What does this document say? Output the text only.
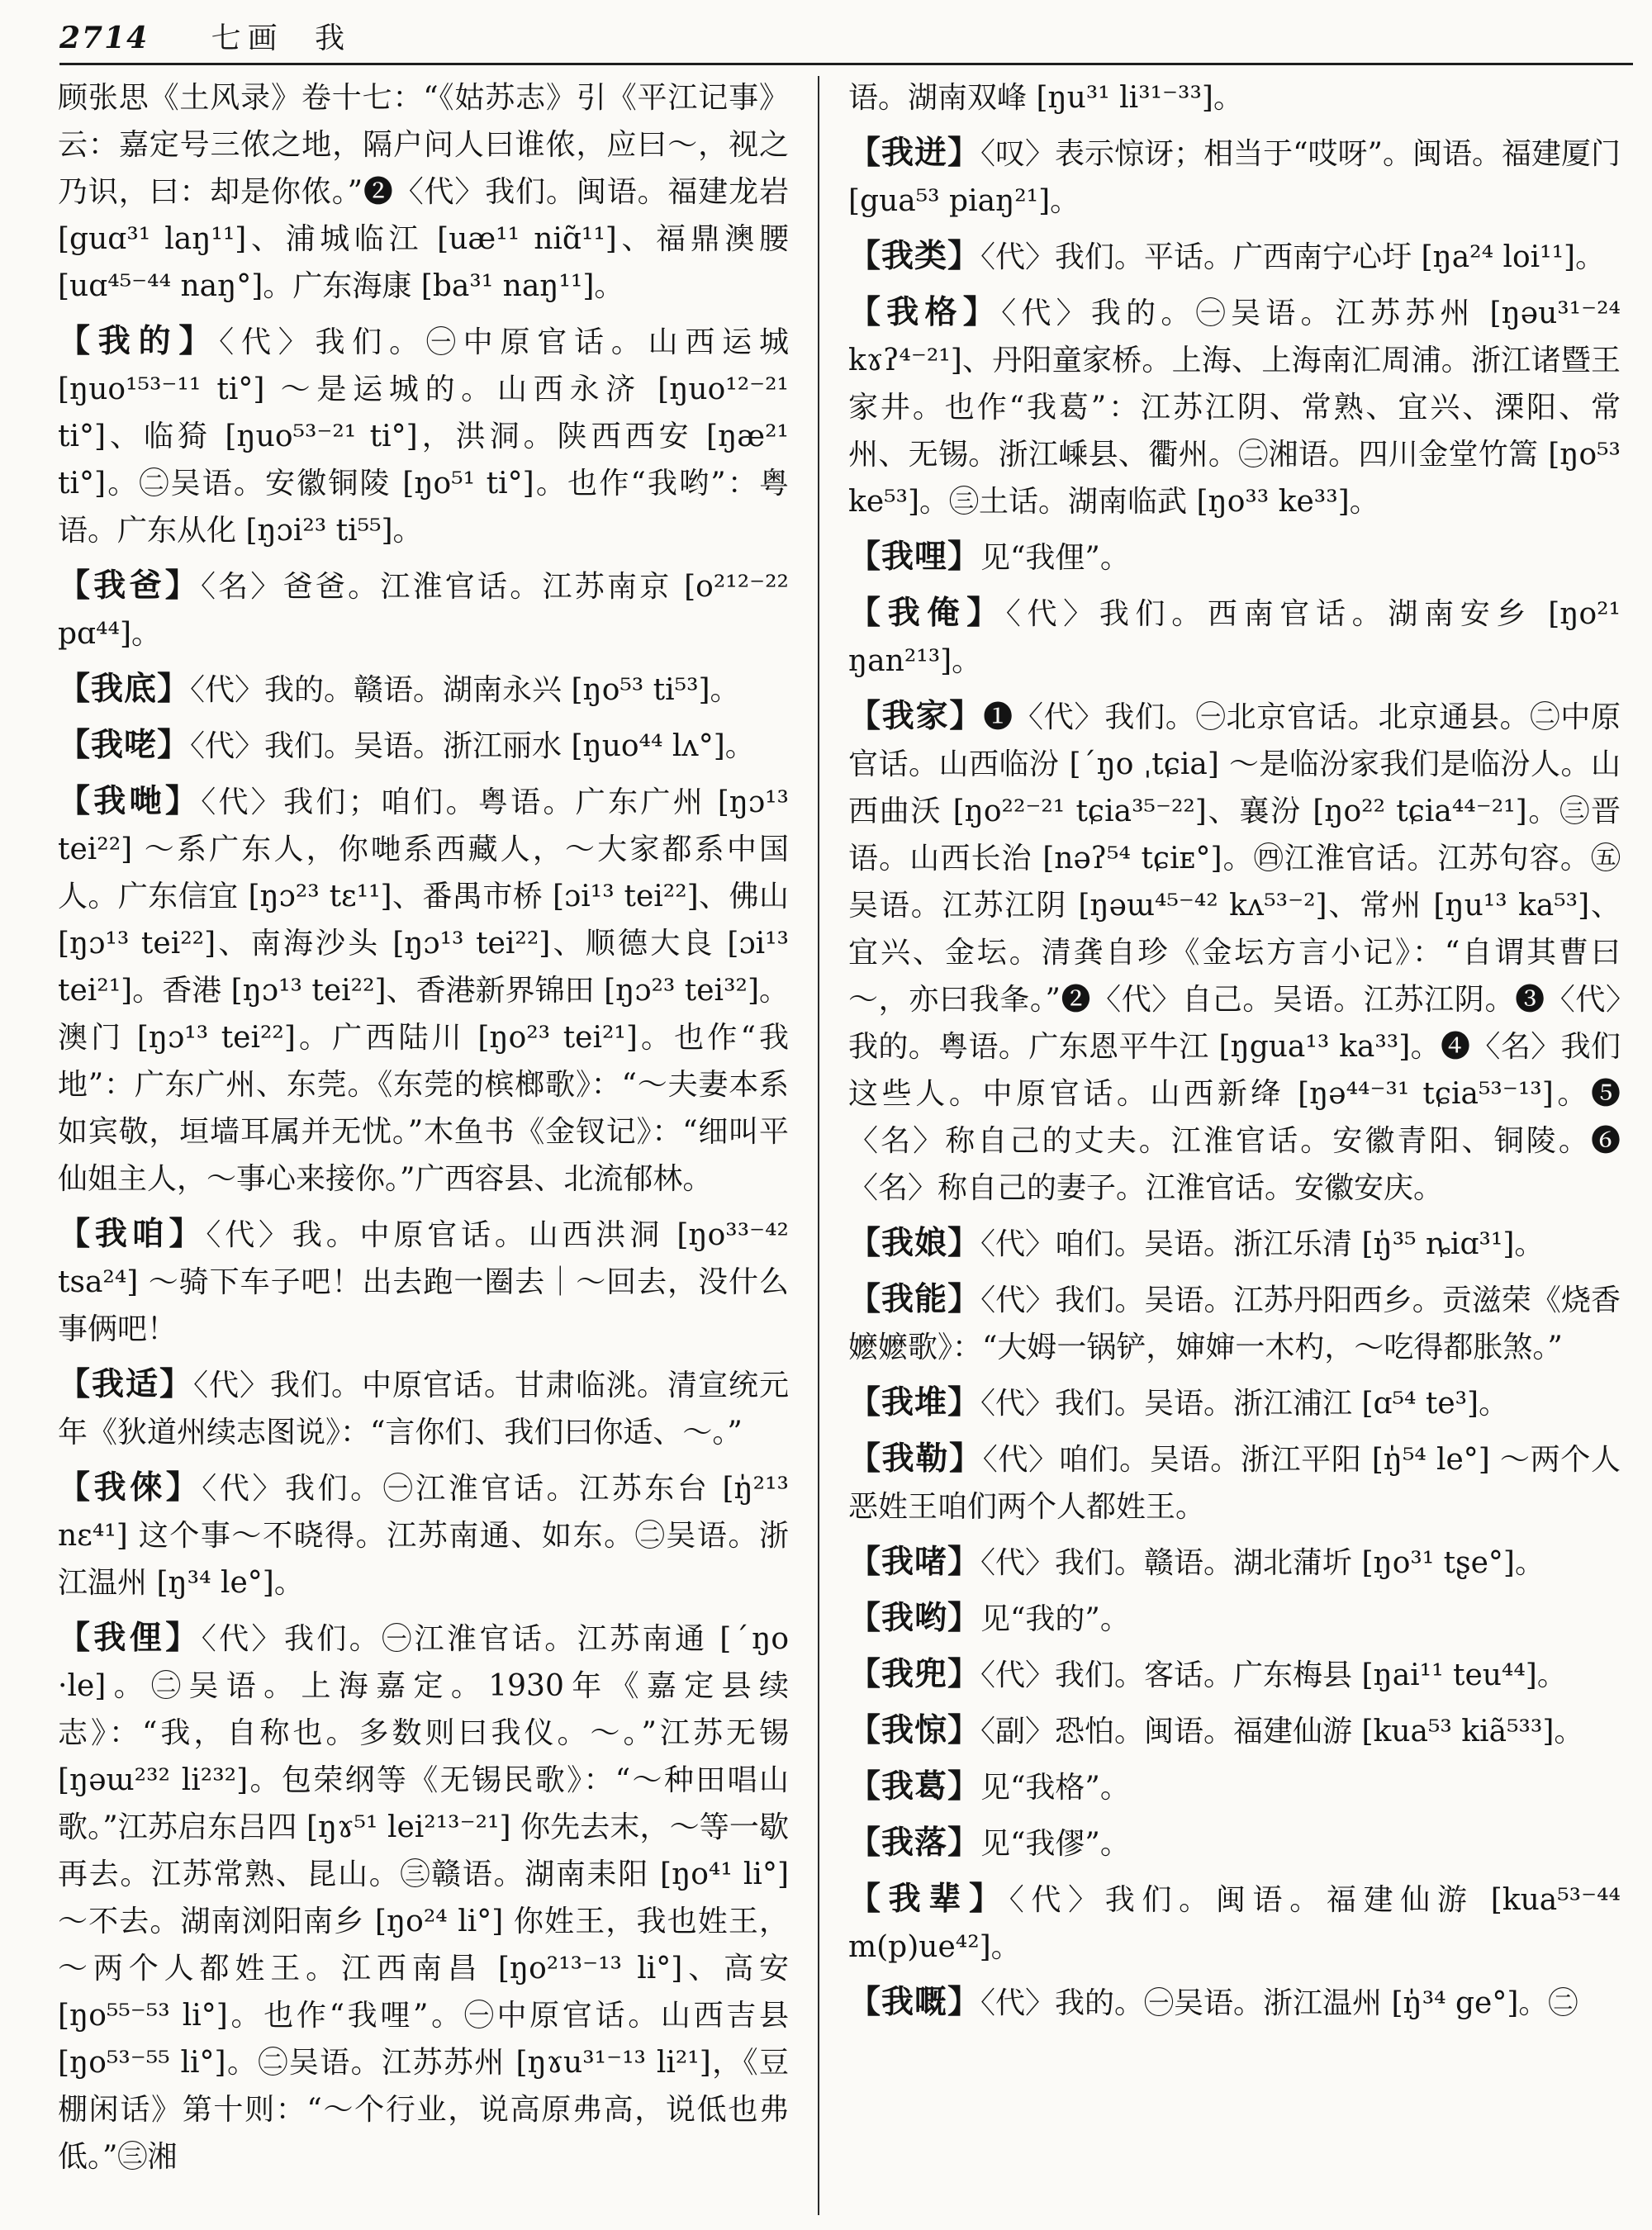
2714 七画 我

顾张思《土风录》卷十七：“《姑苏志》引《平江记事》云：嘉定号三侬之地，隔户问人曰谁侬，应曰～，视之乃识，曰：却是你侬。”❷〈代〉我们。闽语。福建龙岩 [guɑ³¹ laŋ¹¹]、浦城临江 [uæ¹¹ niɑ̃¹¹]、福鼎澳腰 [uɑ⁴⁵⁻⁴⁴ naŋ°]。广东海康 [ba³¹ naŋ¹¹]。

【我的】〈代〉我们。㊀中原官话。山西运城 [ŋuo¹⁵³⁻¹¹ ti°] ～是运城的。山西永济 [ŋuo¹²⁻²¹ ti°]、临猗 [ŋuo⁵³⁻²¹ ti°]，洪洞。陕西西安 [ŋæ²¹ ti°]。㊁吴语。安徽铜陵 [ŋo⁵¹ ti°]。也作“我哟”：粤语。广东从化 [ŋɔi²³ ti⁵⁵]。

【我爸】〈名〉爸爸。江淮官话。江苏南京 [o²¹²⁻²² pɑ⁴⁴]。

【我底】〈代〉我的。赣语。湖南永兴 [ŋo⁵³ ti⁵³]。

【我咾】〈代〉我们。吴语。浙江丽水 [ŋuo⁴⁴ lʌ°]。

【我哋】〈代〉我们；咱们。粤语。广东广州 [ŋɔ¹³ tei²²] ～系广东人，你哋系西藏人，～大家都系中国人。广东信宜 [ŋɔ²³ tɛ¹¹]、番禺市桥 [ɔi¹³ tei²²]、佛山 [ŋɔ¹³ tei²²]、南海沙头 [ŋɔ¹³ tei²²]、顺德大良 [ɔi¹³ tei²¹]。香港 [ŋɔ¹³ tei²²]、香港新界锦田 [ŋɔ²³ tei³²]。澳门 [ŋɔ¹³ tei²²]。广西陆川 [ŋo²³ tei²¹]。也作“我地”：广东广州、东莞。《东莞的槟榔歌》：“～夫妻本系如宾敬，垣墙耳属并无忧。”木鱼书《金钗记》：“细叫平仙姐主人，～事心来接你。”广西容县、北流郁林。

【我咱】〈代〉我。中原官话。山西洪洞 [ŋo³³⁻⁴² tsa²⁴] ～骑下车子吧！出去跑一圈去｜～回去，没什么事俩吧！

【我适】〈代〉我们。中原官话。甘肃临洮。清宣统元年《狄道州续志图说》：“言你们、我们曰你适、～。”

【我倈】〈代〉我们。㊀江淮官话。江苏东台 [ŋ̍²¹³ nɛ⁴¹] 这个事～不晓得。江苏南通、如东。㊁吴语。浙江温州 [ŋ³⁴ le°]。

【我俚】〈代〉我们。㊀江淮官话。江苏南通 [ˊŋo ·le]。㊁吴语。上海嘉定。1930年《嘉定县续志》：“我，自称也。多数则曰我仪。～。”江苏无锡 [ŋəɯ²³² li²³²]。包荣纲等《无锡民歌》：“～种田唱山歌。”江苏启东吕四 [ŋɤ⁵¹ lei²¹³⁻²¹] 你先去末，～等一歇再去。江苏常熟、昆山。㊂赣语。湖南耒阳 [ŋo⁴¹ li°] ～不去。湖南浏阳南乡 [ŋo²⁴ li°] 你姓王，我也姓王，～两个人都姓王。江西南昌 [ŋo²¹³⁻¹³ li°]、高安 [ŋo⁵⁵⁻⁵³ li°]。也作“我哩”。㊀中原官话。山西吉县 [ŋo⁵³⁻⁵⁵ li°]。㊁吴语。江苏苏州 [ŋɤu³¹⁻¹³ li²¹]，《豆棚闲话》第十则：“～个行业，说高原弗高，说低也弗低。”㊂湘

语。湖南双峰 [ŋu³¹ li³¹⁻³³]。

【我迸】〈叹〉表示惊讶；相当于“哎呀”。闽语。福建厦门 [gua⁵³ piaŋ²¹]。

【我类】〈代〉我们。平话。广西南宁心圩 [ŋa²⁴ loi¹¹]。

【我格】〈代〉我的。㊀吴语。江苏苏州 [ŋəu³¹⁻²⁴ kɤʔ⁴⁻²¹]、丹阳童家桥。上海、上海南汇周浦。浙江诸暨王家井。也作“我葛”：江苏江阴、常熟、宜兴、溧阳、常州、无锡。浙江嵊县、衢州。㊁湘语。四川金堂竹篙 [ŋo⁵³ ke⁵³]。㊂土话。湖南临武 [ŋo³³ ke³³]。

【我哩】见“我俚”。

【我俺】〈代〉我们。西南官话。湖南安乡 [ŋo²¹ ŋan²¹³]。

【我家】❶〈代〉我们。㊀北京官话。北京通县。㊁中原官话。山西临汾 [ˊŋo ˌtɕia] ～是临汾家我们是临汾人。山西曲沃 [ŋo²²⁻²¹ tɕia³⁵⁻²²]、襄汾 [ŋo²² tɕia⁴⁴⁻²¹]。㊂晋语。山西长治 [nəʔ⁵⁴ tɕiᴇ°]。㊃江淮官话。江苏句容。㊄吴语。江苏江阴 [ŋəɯ⁴⁵⁻⁴² kʌ⁵³⁻²]、常州 [ŋu¹³ ka⁵³]、宜兴、金坛。清龚自珍《金坛方言小记》：“自谓其曹曰～，亦曰我夆。”❷〈代〉自己。吴语。江苏江阴。❸〈代〉我的。粤语。广东恩平牛江 [ŋgua¹³ ka³³]。❹〈名〉我们这些人。中原官话。山西新绛 [ŋə⁴⁴⁻³¹ tɕia⁵³⁻¹³]。❺〈名〉称自己的丈夫。江淮官话。安徽青阳、铜陵。❻〈名〉称自己的妻子。江淮官话。安徽安庆。

【我娘】〈代〉咱们。吴语。浙江乐清 [ŋ̍³⁵ ȵiɑ³¹]。

【我能】〈代〉我们。吴语。江苏丹阳西乡。贡滋荣《烧香嬷嬷歌》：“大姆一锅铲，婶婶一木杓，～吃得都胀煞。”

【我堆】〈代〉我们。吴语。浙江浦江 [ɑ⁵⁴ te³]。

【我勒】〈代〉咱们。吴语。浙江平阳 [ŋ̍⁵⁴ le°] ～两个人恶姓王咱们两个人都姓王。

【我啫】〈代〉我们。赣语。湖北蒲圻 [ŋo³¹ tʂe°]。

【我哟】见“我的”。

【我兜】〈代〉我们。客话。广东梅县 [ŋai¹¹ teu⁴⁴]。

【我惊】〈副〉恐怕。闽语。福建仙游 [kua⁵³ kiã⁵³³]。

【我葛】见“我格”。

【我落】见“我僇”。

【我辈】〈代〉我们。闽语。福建仙游 [kua⁵³⁻⁴⁴ m(p)ue⁴²]。

【我嘅】〈代〉我的。㊀吴语。浙江温州 [ŋ̍³⁴ ge°]。㊁
